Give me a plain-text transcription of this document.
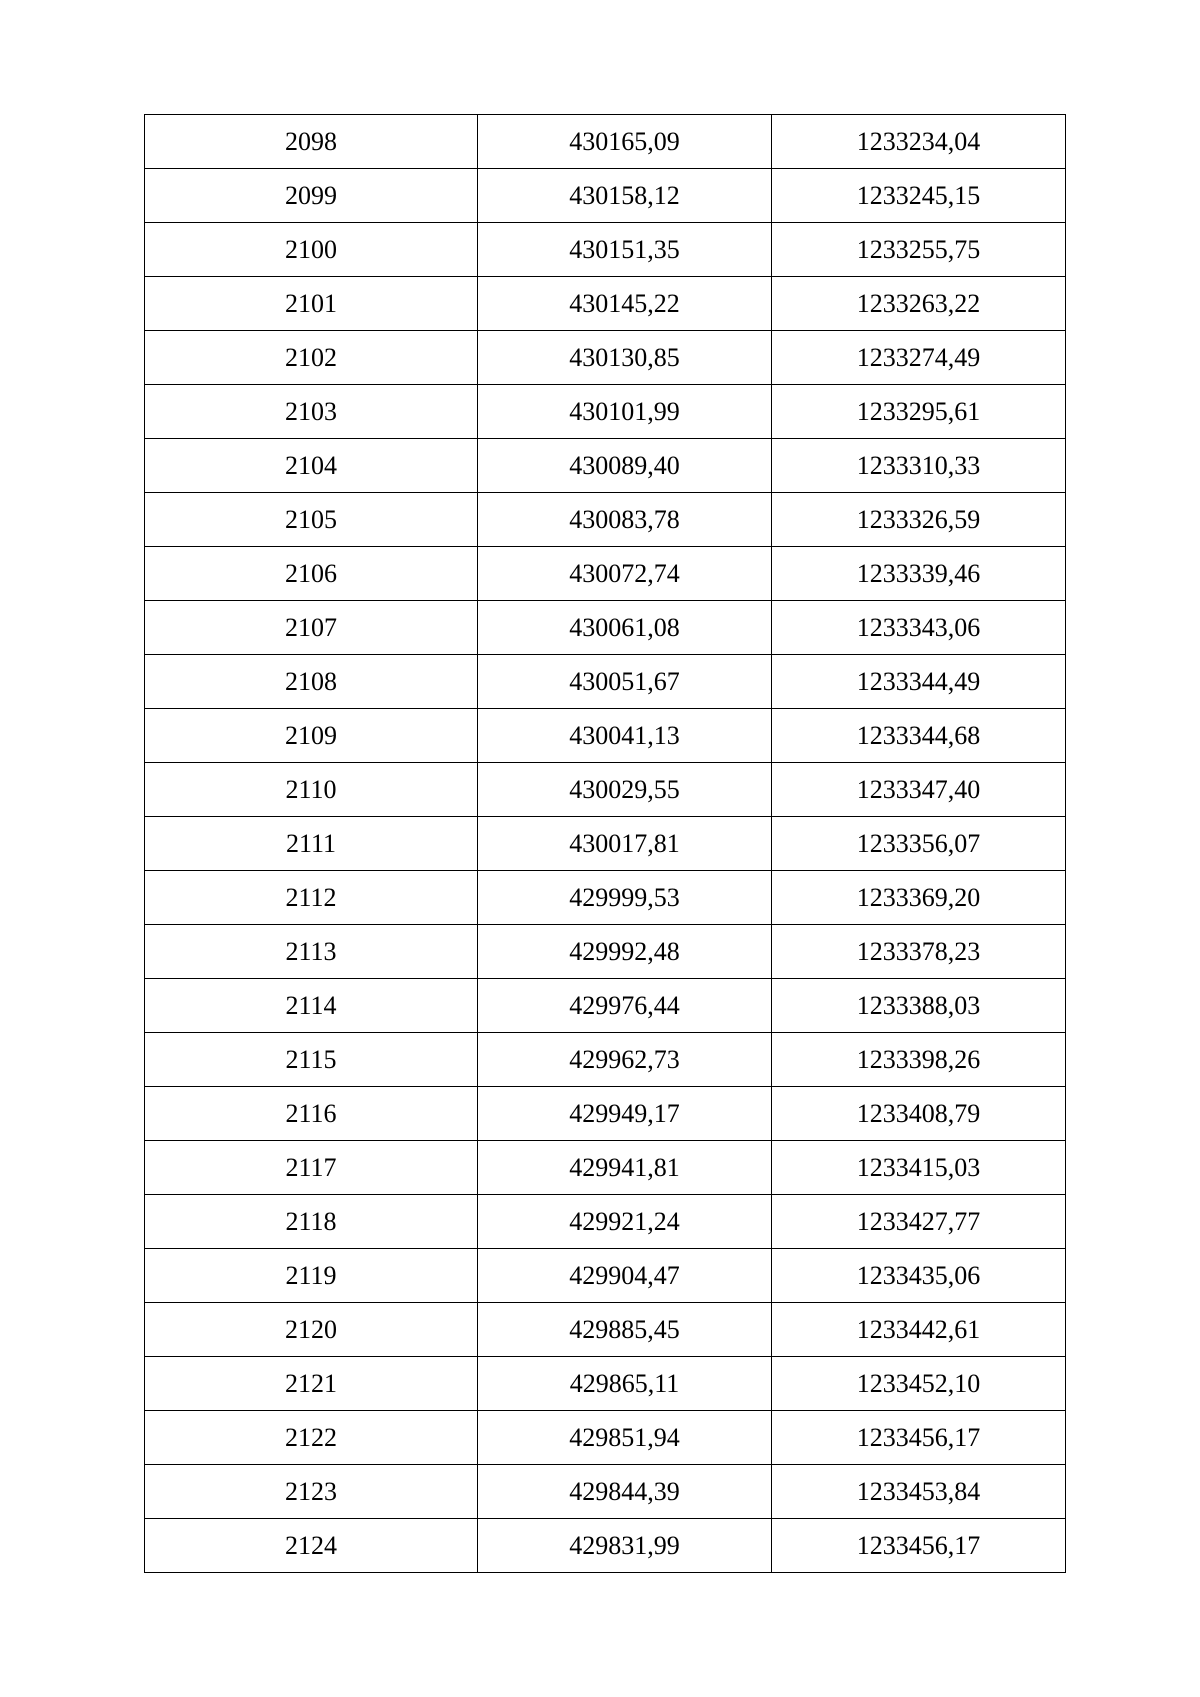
2098	430165,09	1233234,04
2099	430158,12	1233245,15
2100	430151,35	1233255,75
2101	430145,22	1233263,22
2102	430130,85	1233274,49
2103	430101,99	1233295,61
2104	430089,40	1233310,33
2105	430083,78	1233326,59
2106	430072,74	1233339,46
2107	430061,08	1233343,06
2108	430051,67	1233344,49
2109	430041,13	1233344,68
2110	430029,55	1233347,40
2111	430017,81	1233356,07
2112	429999,53	1233369,20
2113	429992,48	1233378,23
2114	429976,44	1233388,03
2115	429962,73	1233398,26
2116	429949,17	1233408,79
2117	429941,81	1233415,03
2118	429921,24	1233427,77
2119	429904,47	1233435,06
2120	429885,45	1233442,61
2121	429865,11	1233452,10
2122	429851,94	1233456,17
2123	429844,39	1233453,84
2124	429831,99	1233456,17
